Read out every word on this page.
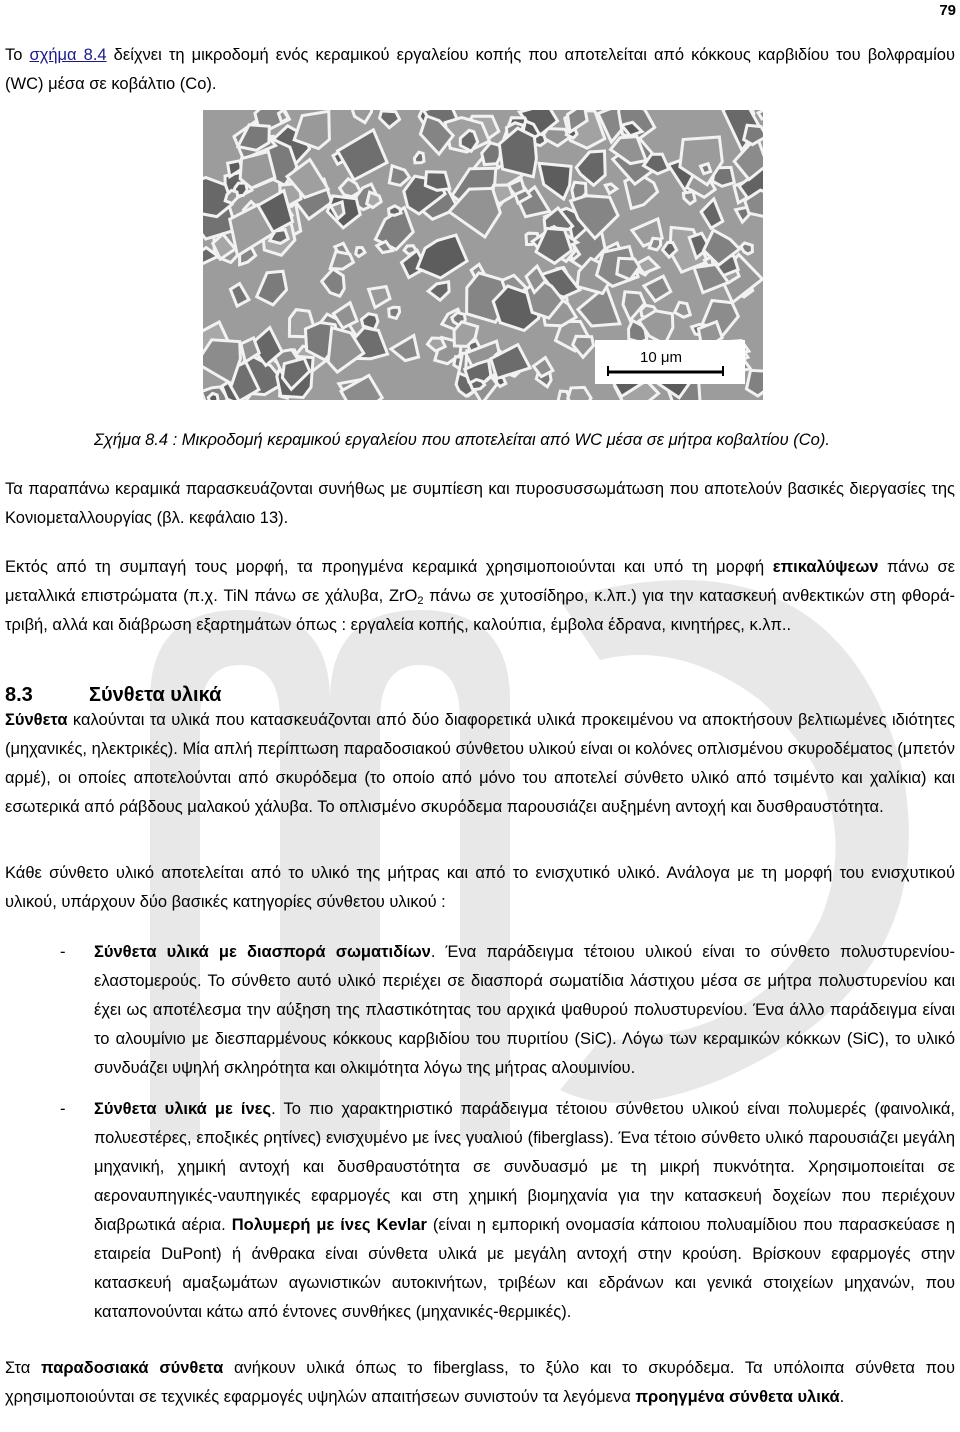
79

Το σχήμα 8.4 δείχνει τη μικροδομή ενός κεραμικού εργαλείου κοπής που αποτελείται από κόκκους καρβιδίου του βολφραμίου (WC) μέσα σε κοβάλτιο (Co).

10 μm
Σχήμα 8.4 : Μικροδομή κεραμικού εργαλείου που αποτελείται από WC μέσα σε μήτρα κοβαλτίου (Co).

Τα παραπάνω κεραμικά παρασκευάζονται συνήθως με συμπίεση και πυροσυσσωμάτωση που αποτελούν βασικές διεργασίες της Κονιομεταλλουργίας (βλ. κεφάλαιο 13).

Εκτός από τη συμπαγή τους μορφή, τα προηγμένα κεραμικά χρησιμοποιούνται και υπό τη μορφή επικαλύψεων πάνω σε μεταλλικά επιστρώματα (π.χ. TiN πάνω σε χάλυβα, ZrO$_2$ πάνω σε χυτοσίδηρο, κ.λπ.) για την κατασκευή ανθεκτικών στη φθορά-τριβή, αλλά και διάβρωση εξαρτημάτων όπως : εργαλεία κοπής, καλούπια, έμβολα έδρανα, κινητήρες, κ.λπ..

8.3	Σύνθετα υλικά

Σύνθετα καλούνται τα υλικά που κατασκευάζονται από δύο διαφορετικά υλικά προκειμένου να αποκτήσουν βελτιωμένες ιδιότητες (μηχανικές, ηλεκτρικές). Μία απλή περίπτωση παραδοσιακού σύνθετου υλικού είναι οι κολόνες οπλισμένου σκυροδέματος (μπετόν αρμέ), οι οποίες αποτελούνται από σκυρόδεμα (το οποίο από μόνο του αποτελεί σύνθετο υλικό από τσιμέντο και χαλίκια) και εσωτερικά από ράβδους μαλακού χάλυβα. Το οπλισμένο σκυρόδεμα παρουσιάζει αυξημένη αντοχή και δυσθραυστότητα.

Κάθε σύνθετο υλικό αποτελείται από το υλικό της μήτρας και από το ενισχυτικό υλικό. Ανάλογα με τη μορφή του ενισχυτικού υλικού, υπάρχουν δύο βασικές κατηγορίες σύνθετου υλικού :

- Σύνθετα υλικά με διασπορά σωματιδίων. Ένα παράδειγμα τέτοιου υλικού είναι το σύνθετο πολυστυρενίου-ελαστομερούς. Το σύνθετο αυτό υλικό περιέχει σε διασπορά σωματίδια λάστιχου μέσα σε μήτρα πολυστυρενίου και έχει ως αποτέλεσμα την αύξηση της πλαστικότητας του αρχικά ψαθυρού πολυστυρενίου. Ένα άλλο παράδειγμα είναι το αλουμίνιο με διεσπαρμένους κόκκους καρβιδίου του πυριτίου (SiC). Λόγω των κεραμικών κόκκων (SiC), το υλικό συνδυάζει υψηλή σκληρότητα και ολκιμότητα λόγω της μήτρας αλουμινίου.

- Σύνθετα υλικά με ίνες. Το πιο χαρακτηριστικό παράδειγμα τέτοιου σύνθετου υλικού είναι πολυμερές (φαινολικά, πολυεστέρες, εποξικές ρητίνες) ενισχυμένο με ίνες γυαλιού (fiberglass). Ένα τέτοιο σύνθετο υλικό παρουσιάζει μεγάλη μηχανική, χημική αντοχή και δυσθραυστότητα σε συνδυασμό με τη μικρή πυκνότητα. Χρησιμοποιείται σε αεροναυπηγικές-ναυπηγικές εφαρμογές και στη χημική βιομηχανία για την κατασκευή δοχείων που περιέχουν διαβρωτικά αέρια. Πολυμερή με ίνες Kevlar (είναι η εμπορική ονομασία κάποιου πολυαμίδιου που παρασκεύασε η εταιρεία DuPont) ή άνθρακα είναι σύνθετα υλικά με μεγάλη αντοχή στην κρούση. Βρίσκουν εφαρμογές στην κατασκευή αμαξωμάτων αγωνιστικών αυτοκινήτων, τριβέων και εδράνων και γενικά στοιχείων μηχανών, που καταπονούνται κάτω από έντονες συνθήκες (μηχανικές-θερμικές).

Στα παραδοσιακά σύνθετα ανήκουν υλικά όπως το fiberglass, το ξύλο και το σκυρόδεμα. Τα υπόλοιπα σύνθετα που χρησιμοποιούνται σε τεχνικές εφαρμογές υψηλών απαιτήσεων συνιστούν τα λεγόμενα προηγμένα σύνθετα υλικά.
